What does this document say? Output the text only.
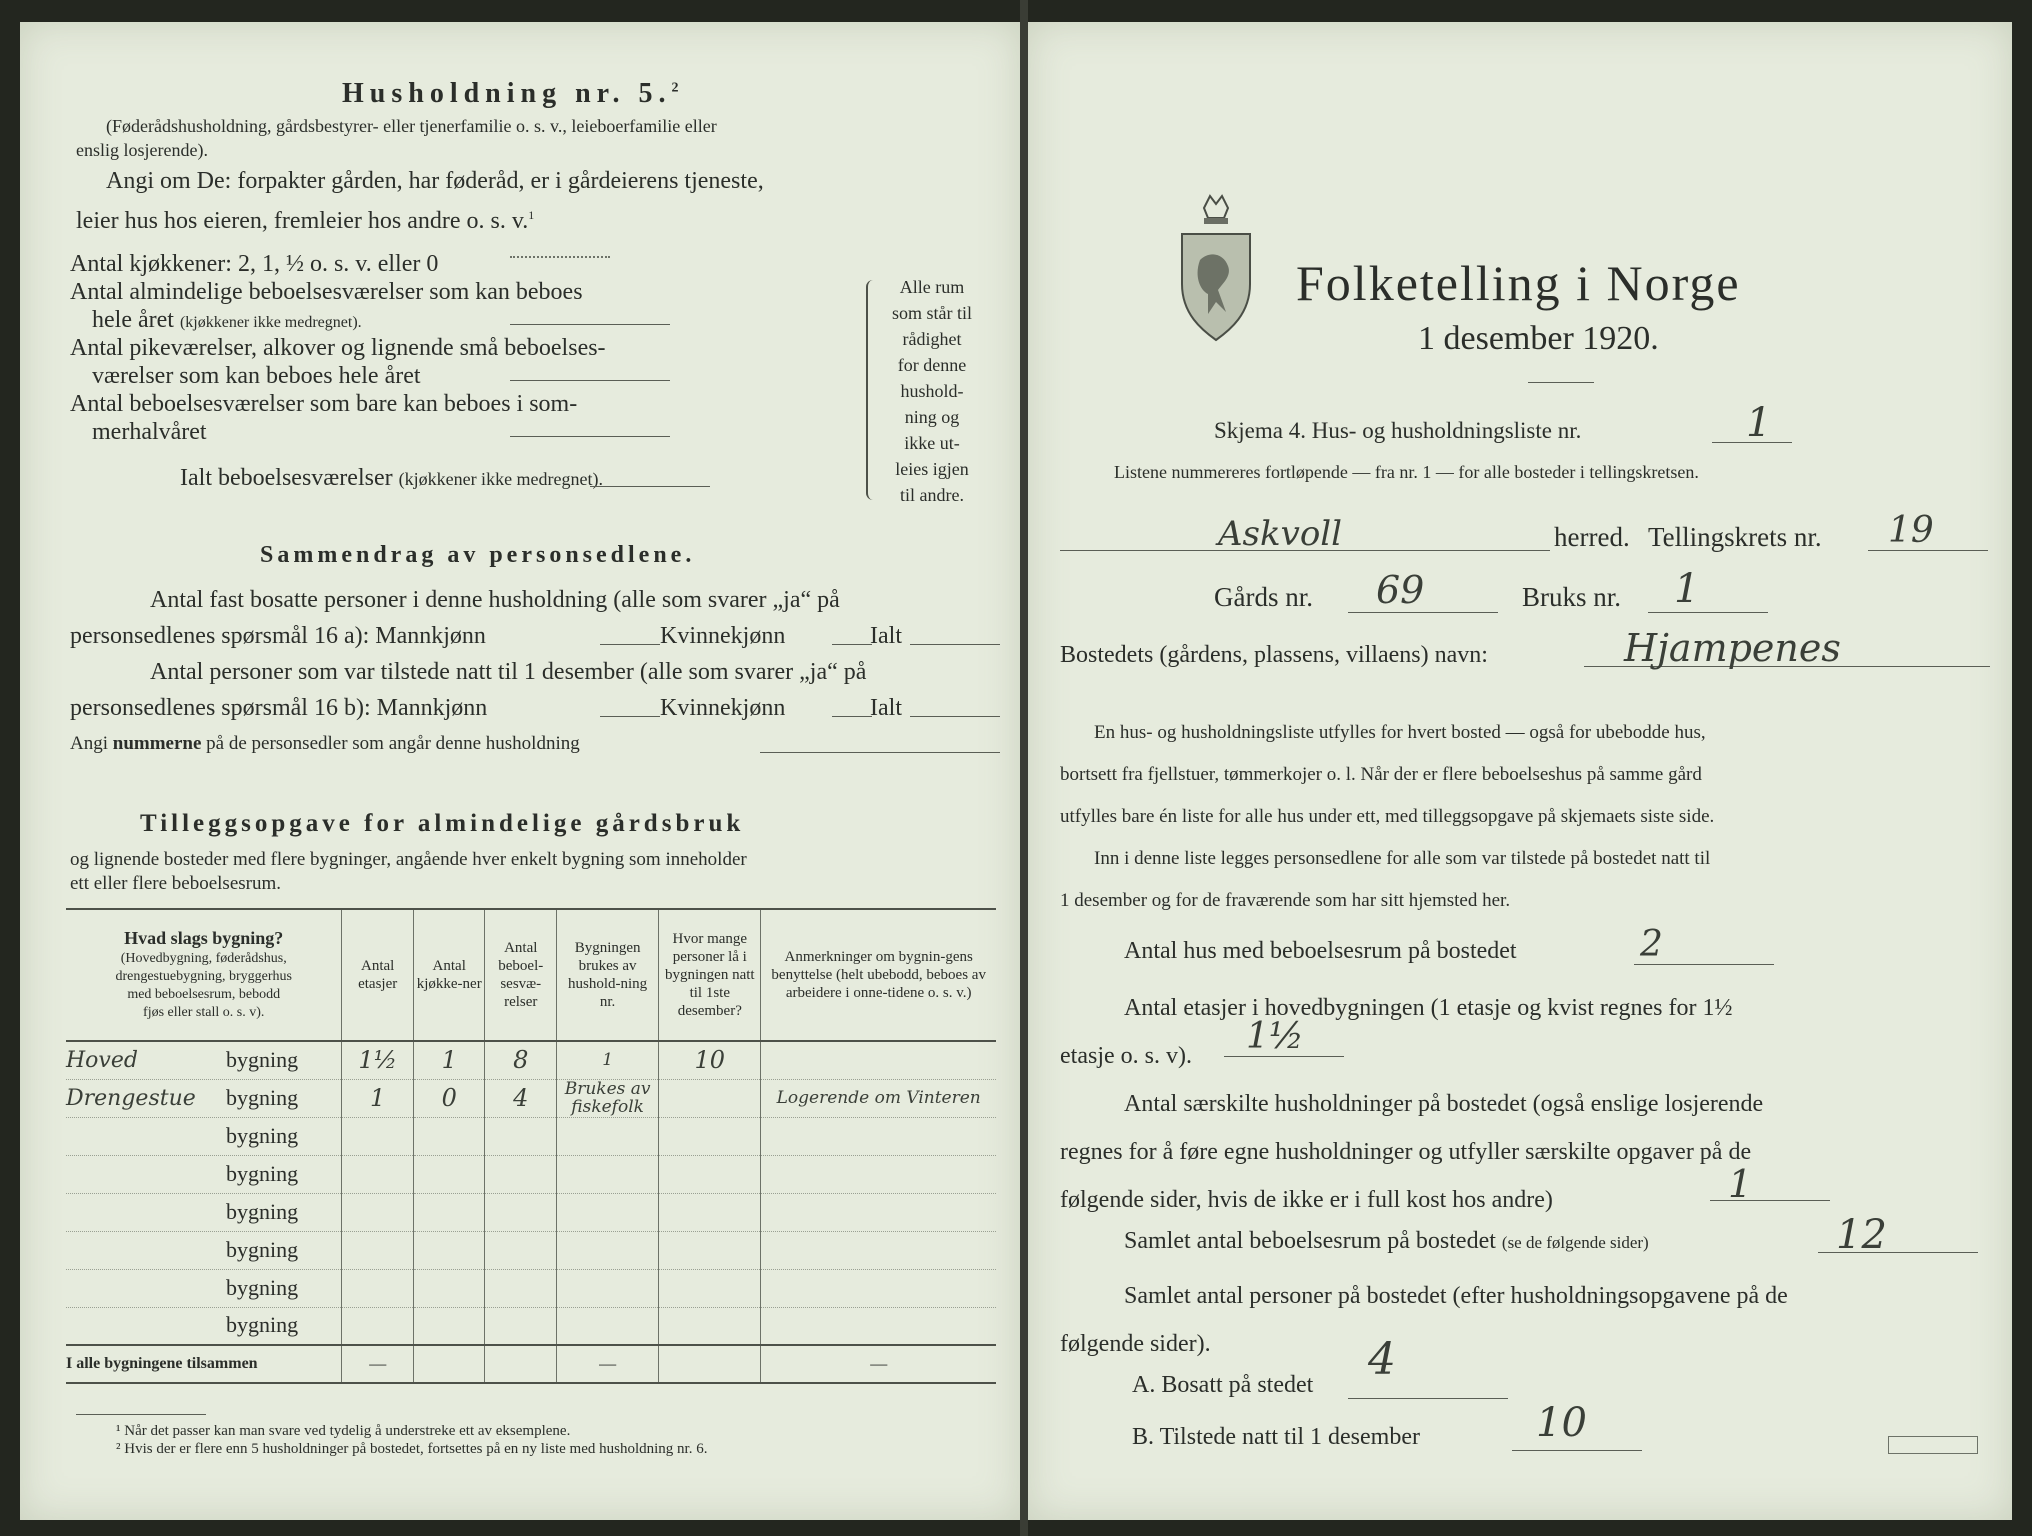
Husholdning nr. 5.$^2$
(Føderådshusholdning, gårdsbestyrer- eller tjenerfamilie o. s. v., leieboerfamilie eller
enslig losjerende).
Angi om De: forpakter gården, har føderåd, er i gårdeierens tjeneste,
leier hus hos eieren, fremleier hos andre o. s. v.$^1$
Antal kjøkkener: 2, 1, ½ o. s. v. eller 0
Antal almindelige beboelsesværelser som kan beboes
hele året (kjøkkener ikke medregnet).
Antal pikeværelser, alkover og lignende små beboelses-
værelser som kan beboes hele året
Antal beboelsesværelser som bare kan beboes i som-
merhalvåret
Ialt beboelsesværelser (kjøkkener ikke medregnet).
Alle rum
som står til
rådighet
for denne
hushold-
ning og
ikke ut-
leies igjen
til andre.
Sammendrag av personsedlene.
Antal fast bosatte personer i denne husholdning (alle som svarer „ja“ på
personsedlenes spørsmål 16 a): Mannkjønn	Kvinnekjønn	Ialt
Antal personer som var tilstede natt til 1 desember (alle som svarer „ja“ på
personsedlenes spørsmål 16 b): Mannkjønn	Kvinnekjønn	Ialt
Angi nummerne på de personsedler som angår denne husholdning
Tilleggsopgave for almindelige gårdsbruk
og lignende bosteder med flere bygninger, angående hver enkelt bygning som inneholder
ett eller flere beboelsesrum.
Hvad slags bygning?
(Hovedbygning, føderådshus,
drengestuebygning, bryggerhus
med beboelsesrum, bebodd
fjøs eller stall o. s. v).	Antal etasjer	Antal kjøkke-ner	Antal beboel-sesvæ-relser	Bygningen brukes av hushold-ning nr.	Hvor mange personer lå i bygningen natt til 1ste desember?	Anmerkninger om bygnin-gens benyttelse (helt ubebodd, beboes av arbeidere i onne-tidene o. s. v.)
Hoved bygning	1½	1	8	1	10	
Drengestue bygning	1	0	4	Brukes av fiskefolk		Logerende om Vinteren
bygning						
bygning						
bygning						
bygning						
bygning						
bygning						
I alle bygningene tilsammen	—			—		—
¹ Når det passer kan man svare ved tydelig å understreke ett av eksemplene.
² Hvis der er flere enn 5 husholdninger på bostedet, fortsettes på en ny liste med husholdning nr. 6.
Folketelling i Norge
1 desember 1920.
Skjema 4. Hus- og husholdningsliste nr.	1
Listene nummereres fortløpende — fra nr. 1 — for alle bosteder i tellingskretsen.
Askvoll	herred. Tellingskrets nr. 19
Gårds nr. 69	Bruks nr. 1
Bostedets (gårdens, plassens, villaens) navn:	Hjampenes
En hus- og husholdningsliste utfylles for hvert bosted — også for ubebodde hus,
bortsett fra fjellstuer, tømmerkojer o. l. Når der er flere beboelseshus på samme gård
utfylles bare én liste for alle hus under ett, med tilleggsopgave på skjemaets siste side.
Inn i denne liste legges personsedlene for alle som var tilstede på bostedet natt til
1 desember og for de fraværende som har sitt hjemsted her.
Antal hus med beboelsesrum på bostedet	2
Antal etasjer i hovedbygningen (1 etasje og kvist regnes for 1½
etasje o. s. v).	1½
Antal særskilte husholdninger på bostedet (også enslige losjerende
regnes for å føre egne husholdninger og utfyller særskilte opgaver på de
følgende sider, hvis de ikke er i full kost hos andre)	1
Samlet antal beboelsesrum på bostedet (se de følgende sider)	12
Samlet antal personer på bostedet (efter husholdningsopgavene på de
følgende sider).
A. Bosatt på stedet 4
B. Tilstede natt til 1 desember	10
